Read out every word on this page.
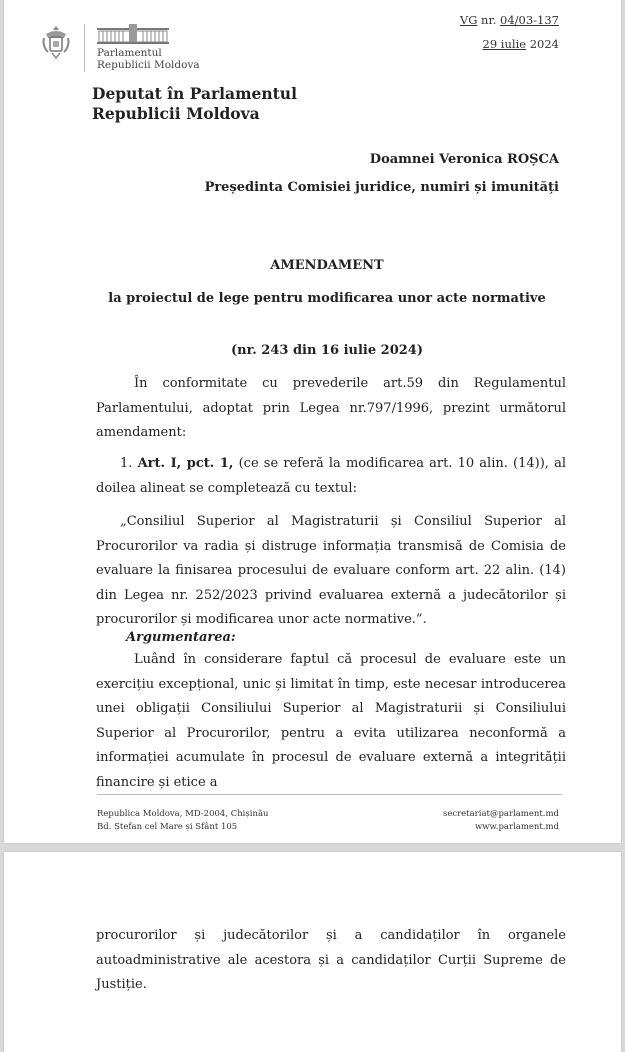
Parlamentul
Republicii Moldova
VG nr. 04/03-137
29 iulie 2024
Deputat în Parlamentul
Republicii Moldova
Doamnei Veronica ROȘCA
Președinta Comisiei juridice, numiri și imunități
AMENDAMENT
la proiectul de lege pentru modificarea unor acte normative
(nr. 243 din 16 iulie 2024)
În conformitate cu prevederile art.59 din Regulamentul Parlamentului, adoptat prin Legea nr.797/1996, prezint următorul amendament:
1. Art. I, pct. 1, (ce se referă la modificarea art. 10 alin. (14)), al doilea alineat se completează cu textul:
„Consiliul Superior al Magistraturii și Consiliul Superior al Procurorilor va radia și distruge informația transmisă de Comisia de evaluare la finisarea procesului de evaluare conform art. 22 alin. (14) din Legea nr. 252/2023 privind evaluarea externă a judecătorilor și procurorilor și modificarea unor acte normative.”.
Argumentarea:
Luând în considerare faptul că procesul de evaluare este un exercițiu excepțional, unic și limitat în timp, este necesar introducerea unei obligații Consiliului Superior al Magistraturii și Consiliului Superior al Procurorilor, pentru a evita utilizarea neconformă a informației acumulate în procesul de evaluare externă a integrității financire și etice a
Republica Moldova, MD-2004, Chișinău
Bd. Ștefan cel Mare și Sfânt 105
secretariat@parlament.md
www.parlament.md
procurorilor și judecătorilor și a candidaților în organele autoadministrative ale acestora și a candidaților Curții Supreme de Justiție.
